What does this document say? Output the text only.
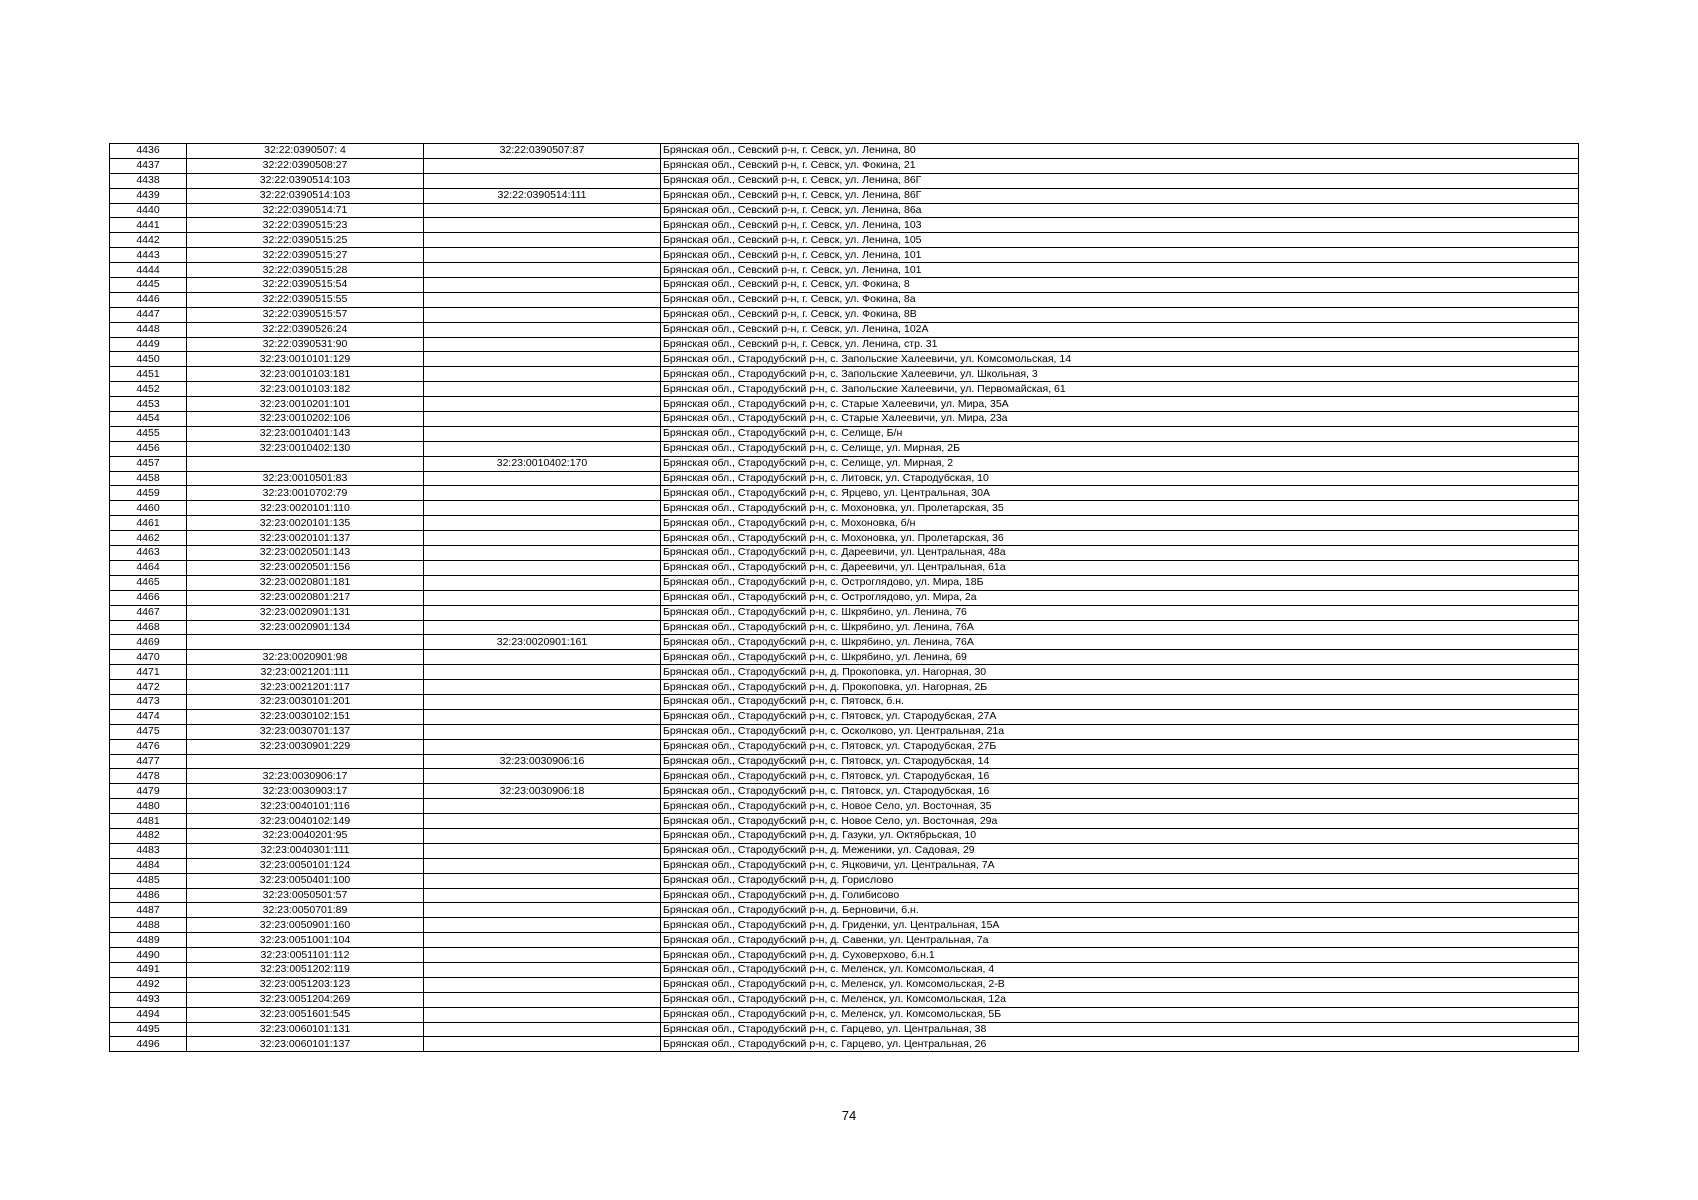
4436	32:22:0390507: 4	32:22:0390507:87	Брянская обл., Севский р-н, г. Севск, ул. Ленина, 80
4437	32:22:0390508:27		Брянская обл., Севский р-н, г. Севск, ул. Фокина, 21
4438	32:22:0390514:103		Брянская обл., Севский р-н, г. Севск, ул. Ленина, 86Г
4439	32:22:0390514:103	32:22:0390514:111	Брянская обл., Севский р-н, г. Севск, ул. Ленина, 86Г
4440	32:22:0390514:71		Брянская обл., Севский р-н, г. Севск, ул. Ленина, 86а
4441	32:22:0390515:23		Брянская обл., Севский р-н, г. Севск, ул. Ленина, 103
4442	32:22:0390515:25		Брянская обл., Севский р-н, г. Севск, ул. Ленина, 105
4443	32:22:0390515:27		Брянская обл., Севский р-н, г. Севск, ул. Ленина, 101
4444	32:22:0390515:28		Брянская обл., Севский р-н, г. Севск, ул. Ленина, 101
4445	32:22:0390515:54		Брянская обл., Севский р-н, г. Севск, ул. Фокина, 8
4446	32:22:0390515:55		Брянская обл., Севский р-н, г. Севск, ул. Фокина, 8а
4447	32:22:0390515:57		Брянская обл., Севский р-н, г. Севск, ул. Фокина, 8В
4448	32:22:0390526:24		Брянская обл., Севский р-н, г. Севск, ул. Ленина, 102А
4449	32:22:0390531:90		Брянская обл., Севский р-н, г. Севск, ул. Ленина, стр. 31
4450	32:23:0010101:129		Брянская обл., Стародубский р-н, с. Запольские Халеевичи, ул. Комсомольская, 14
4451	32:23:0010103:181		Брянская обл., Стародубский р-н, с. Запольские Халеевичи, ул. Школьная, 3
4452	32:23:0010103:182		Брянская обл., Стародубский р-н, с. Запольские Халеевичи, ул. Первомайская, 61
4453	32:23:0010201:101		Брянская обл., Стародубский р-н, с. Старые Халеевичи, ул. Мира, 35А
4454	32:23:0010202:106		Брянская обл., Стародубский р-н, с. Старые Халеевичи, ул. Мира, 23а
4455	32:23:0010401:143		Брянская обл., Стародубский р-н, с. Селище, Б/н
4456	32:23:0010402:130		Брянская обл., Стародубский р-н, с. Селище, ул. Мирная, 2Б
4457		32:23:0010402:170	Брянская обл., Стародубский р-н, с. Селище, ул. Мирная, 2
4458	32:23:0010501:83		Брянская обл., Стародубский р-н, с. Литовск, ул. Стародубская, 10
4459	32:23:0010702:79		Брянская обл., Стародубский р-н, с. Ярцево, ул. Центральная, 30А
4460	32:23:0020101:110		Брянская обл., Стародубский р-н, с. Мохоновка, ул. Пролетарская, 35
4461	32:23:0020101:135		Брянская обл., Стародубский р-н, с. Мохоновка, б/н
4462	32:23:0020101:137		Брянская обл., Стародубский р-н, с. Мохоновка, ул. Пролетарская, 36
4463	32:23:0020501:143		Брянская обл., Стародубский р-н, с. Дареевичи, ул. Центральная, 48а
4464	32:23:0020501:156		Брянская обл., Стародубский р-н, с. Дареевичи, ул. Центральная, 61а
4465	32:23:0020801:181		Брянская обл., Стародубский р-н, с. Остроглядово, ул. Мира, 18Б
4466	32:23:0020801:217		Брянская обл., Стародубский р-н, с. Остроглядово, ул. Мира, 2а
4467	32:23:0020901:131		Брянская обл., Стародубский р-н, с. Шкрябино, ул. Ленина, 76
4468	32:23:0020901:134		Брянская обл., Стародубский р-н, с. Шкрябино, ул. Ленина, 76А
4469		32:23:0020901:161	Брянская обл., Стародубский р-н, с. Шкрябино, ул. Ленина, 76А
4470	32:23:0020901:98		Брянская обл., Стародубский р-н, с. Шкрябино, ул. Ленина, 69
4471	32:23:0021201:111		Брянская обл., Стародубский р-н, д. Прокоповка, ул. Нагорная, 30
4472	32:23:0021201:117		Брянская обл., Стародубский р-н, д. Прокоповка, ул. Нагорная, 2Б
4473	32:23:0030101:201		Брянская обл., Стародубский р-н, с. Пятовск, б.н.
4474	32:23:0030102:151		Брянская обл., Стародубский р-н, с. Пятовск, ул. Стародубская, 27А
4475	32:23:0030701:137		Брянская обл., Стародубский р-н, с. Осколково, ул. Центральная, 21а
4476	32:23:0030901:229		Брянская обл., Стародубский р-н, с. Пятовск, ул. Стародубская, 27Б
4477		32:23:0030906:16	Брянская обл., Стародубский р-н, с. Пятовск, ул. Стародубская, 14
4478	32:23:0030906:17		Брянская обл., Стародубский р-н, с. Пятовск, ул. Стародубская, 16
4479	32:23:0030903:17	32:23:0030906:18	Брянская обл., Стародубский р-н, с. Пятовск, ул. Стародубская, 16
4480	32:23:0040101:116		Брянская обл., Стародубский р-н, с. Новое Село, ул. Восточная, 35
4481	32:23:0040102:149		Брянская обл., Стародубский р-н, с. Новое Село, ул. Восточная, 29а
4482	32:23:0040201:95		Брянская обл., Стародубский р-н, д. Газуки, ул. Октябрьская, 10
4483	32:23:0040301:111		Брянская обл., Стародубский р-н, д. Меженики, ул. Садовая, 29
4484	32:23:0050101:124		Брянская обл., Стародубский р-н, с. Яцковичи, ул. Центральная, 7А
4485	32:23:0050401:100		Брянская обл., Стародубский р-н, д. Горислово
4486	32:23:0050501:57		Брянская обл., Стародубский р-н, д. Голибисово
4487	32:23:0050701:89		Брянская обл., Стародубский р-н, д. Берновичи, б.н.
4488	32:23:0050901:160		Брянская обл., Стародубский р-н, д. Гриденки, ул. Центральная, 15А
4489	32:23:0051001:104		Брянская обл., Стародубский р-н, д. Савенки, ул. Центральная, 7а
4490	32:23:0051101:112		Брянская обл., Стародубский р-н, д. Суховерхово, б.н.1
4491	32:23:0051202:119		Брянская обл., Стародубский р-н, с. Меленск, ул. Комсомольская, 4
4492	32:23:0051203:123		Брянская обл., Стародубский р-н, с. Меленск, ул. Комсомольская, 2-В
4493	32:23:0051204:269		Брянская обл., Стародубский р-н, с. Меленск, ул. Комсомольская, 12а
4494	32:23:0051601:545		Брянская обл., Стародубский р-н, с. Меленск, ул. Комсомольская, 5Б
4495	32:23:0060101:131		Брянская обл., Стародубский р-н, с. Гарцево, ул. Центральная, 38
4496	32:23:0060101:137		Брянская обл., Стародубский р-н, с. Гарцево, ул. Центральная, 26
74
